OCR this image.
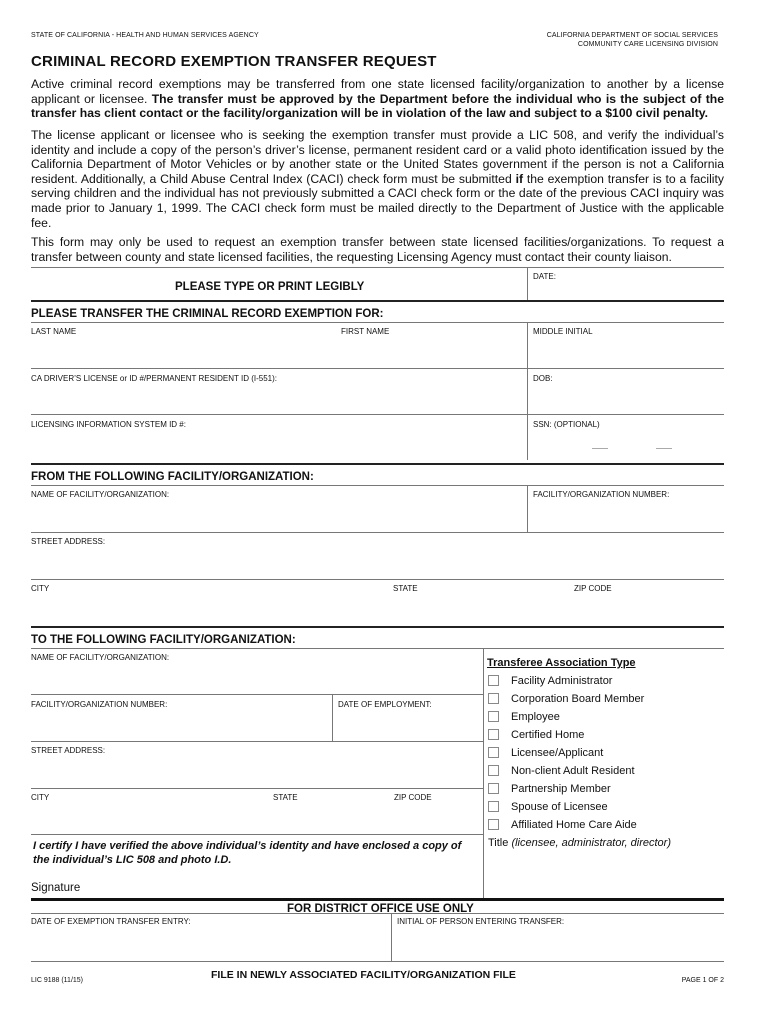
STATE OF CALIFORNIA - HEALTH AND HUMAN SERVICES AGENCY	CALIFORNIA DEPARTMENT OF SOCIAL SERVICES
COMMUNITY CARE LICENSING DIVISION
CRIMINAL RECORD EXEMPTION TRANSFER REQUEST
Active criminal record exemptions may be transferred from one state licensed facility/organization to another by a license applicant or licensee. The transfer must be approved by the Department before the individual who is the subject of the transfer has client contact or the facility/organization will be in violation of the law and subject to a $100 civil penalty.
The license applicant or licensee who is seeking the exemption transfer must provide a LIC 508, and verify the individual’s identity and include a copy of the person’s driver’s license, permanent resident card or a valid photo identification issued by the California Department of Motor Vehicles or by another state or the United States government if the person is not a California resident. Additionally, a Child Abuse Central Index (CACI) check form must be submitted if the exemption transfer is to a facility serving children and the individual has not previously submitted a CACI check form or the date of the previous CACI inquiry was made prior to January 1, 1999. The CACI check form must be mailed directly to the Department of Justice with the applicable fee.
This form may only be used to request an exemption transfer between state licensed facilities/organizations. To request a transfer between county and state licensed facilities, the requesting Licensing Agency must contact their county liaison.
DATE:
PLEASE TYPE OR PRINT LEGIBLY
PLEASE TRANSFER THE CRIMINAL RECORD EXEMPTION FOR:
LAST NAME	FIRST NAME	MIDDLE INITIAL
CA DRIVER’S LICENSE or ID #/PERMANENT RESIDENT ID (I-551):	DOB:
LICENSING INFORMATION SYSTEM ID #:	SSN: (OPTIONAL)
FROM THE FOLLOWING FACILITY/ORGANIZATION:
NAME OF FACILITY/ORGANIZATION:	FACILITY/ORGANIZATION NUMBER:
STREET ADDRESS:
CITY	STATE	ZIP CODE
TO THE FOLLOWING FACILITY/ORGANIZATION:
NAME OF FACILITY/ORGANIZATION:
FACILITY/ORGANIZATION NUMBER:	DATE OF EMPLOYMENT:
STREET ADDRESS:
CITY	STATE	ZIP CODE
Transferee Association Type
Facility Administrator
Corporation Board Member
Employee
Certified Home
Licensee/Applicant
Non-client Adult Resident
Partnership Member
Spouse of Licensee
Affiliated Home Care Aide
Title (licensee, administrator, director)
I certify I have verified the above individual’s identity and have enclosed a copy of the individual’s LIC 508 and photo I.D.
Signature
FOR DISTRICT OFFICE USE ONLY
DATE OF EXEMPTION TRANSFER ENTRY:	INITIAL OF PERSON ENTERING TRANSFER:
LIC 9188 (11/15)	FILE IN NEWLY ASSOCIATED FACILITY/ORGANIZATION FILE	PAGE 1 OF 2
